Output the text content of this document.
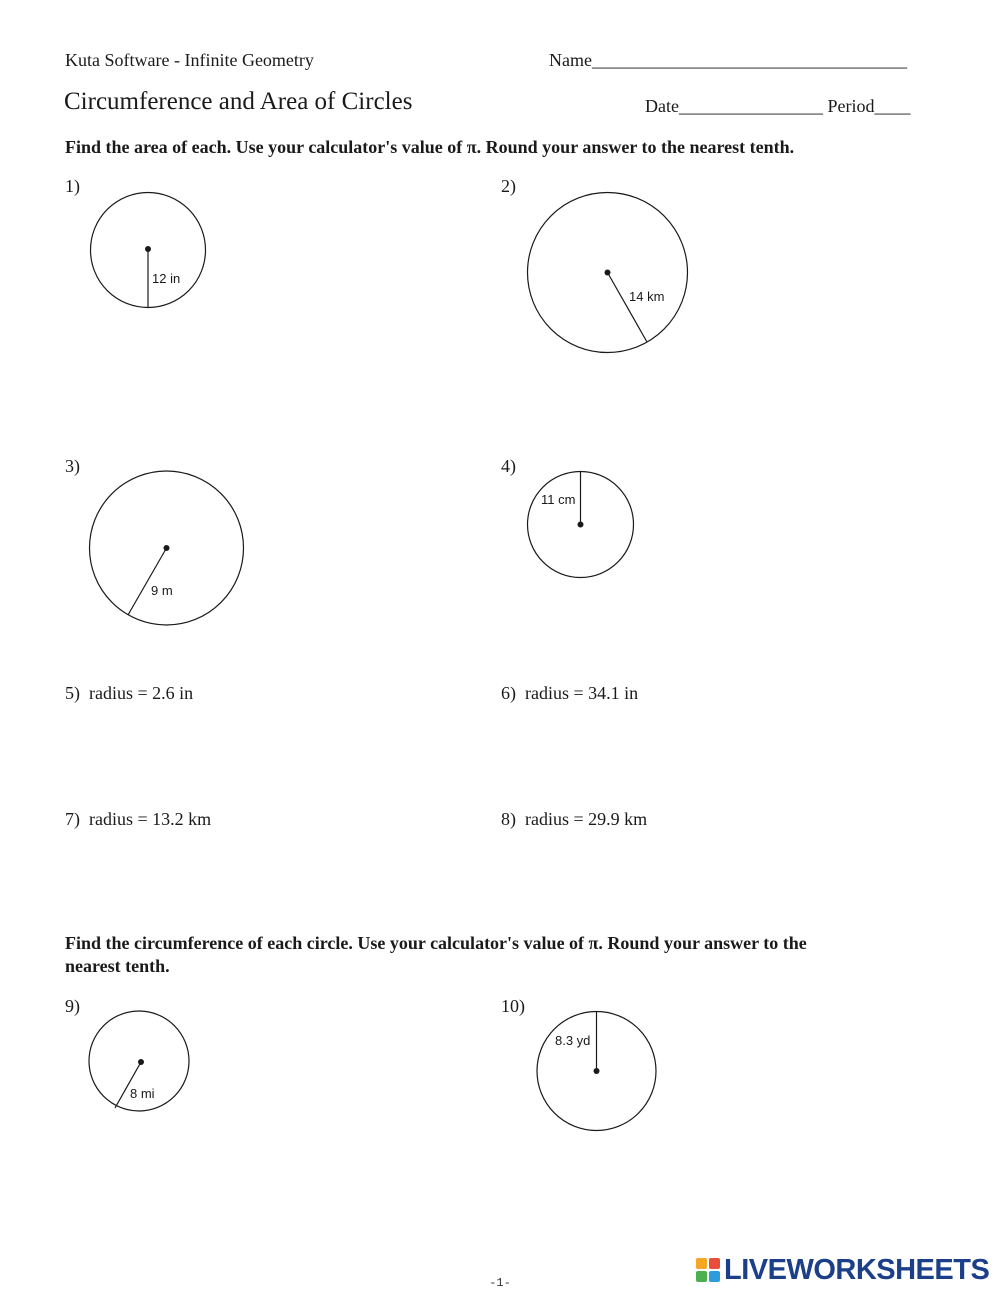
Kuta Software - Infinite Geometry	Name___________________________________
Circumference and Area of Circles	Date________________ Period____
Find the area of each. Use your calculator's value of π. Round your answer to the nearest tenth.
1)
12 in
2)
14 km
3)
9 m
4)
11 cm
5) radius = 2.6 in	6) radius = 34.1 in
7) radius = 13.2 km	8) radius = 29.9 km
Find the circumference of each circle. Use your calculator's value of π. Round your answer to the
nearest tenth.
9)
8 mi
10)
8.3 yd
-1-	LIVEWORKSHEETS
